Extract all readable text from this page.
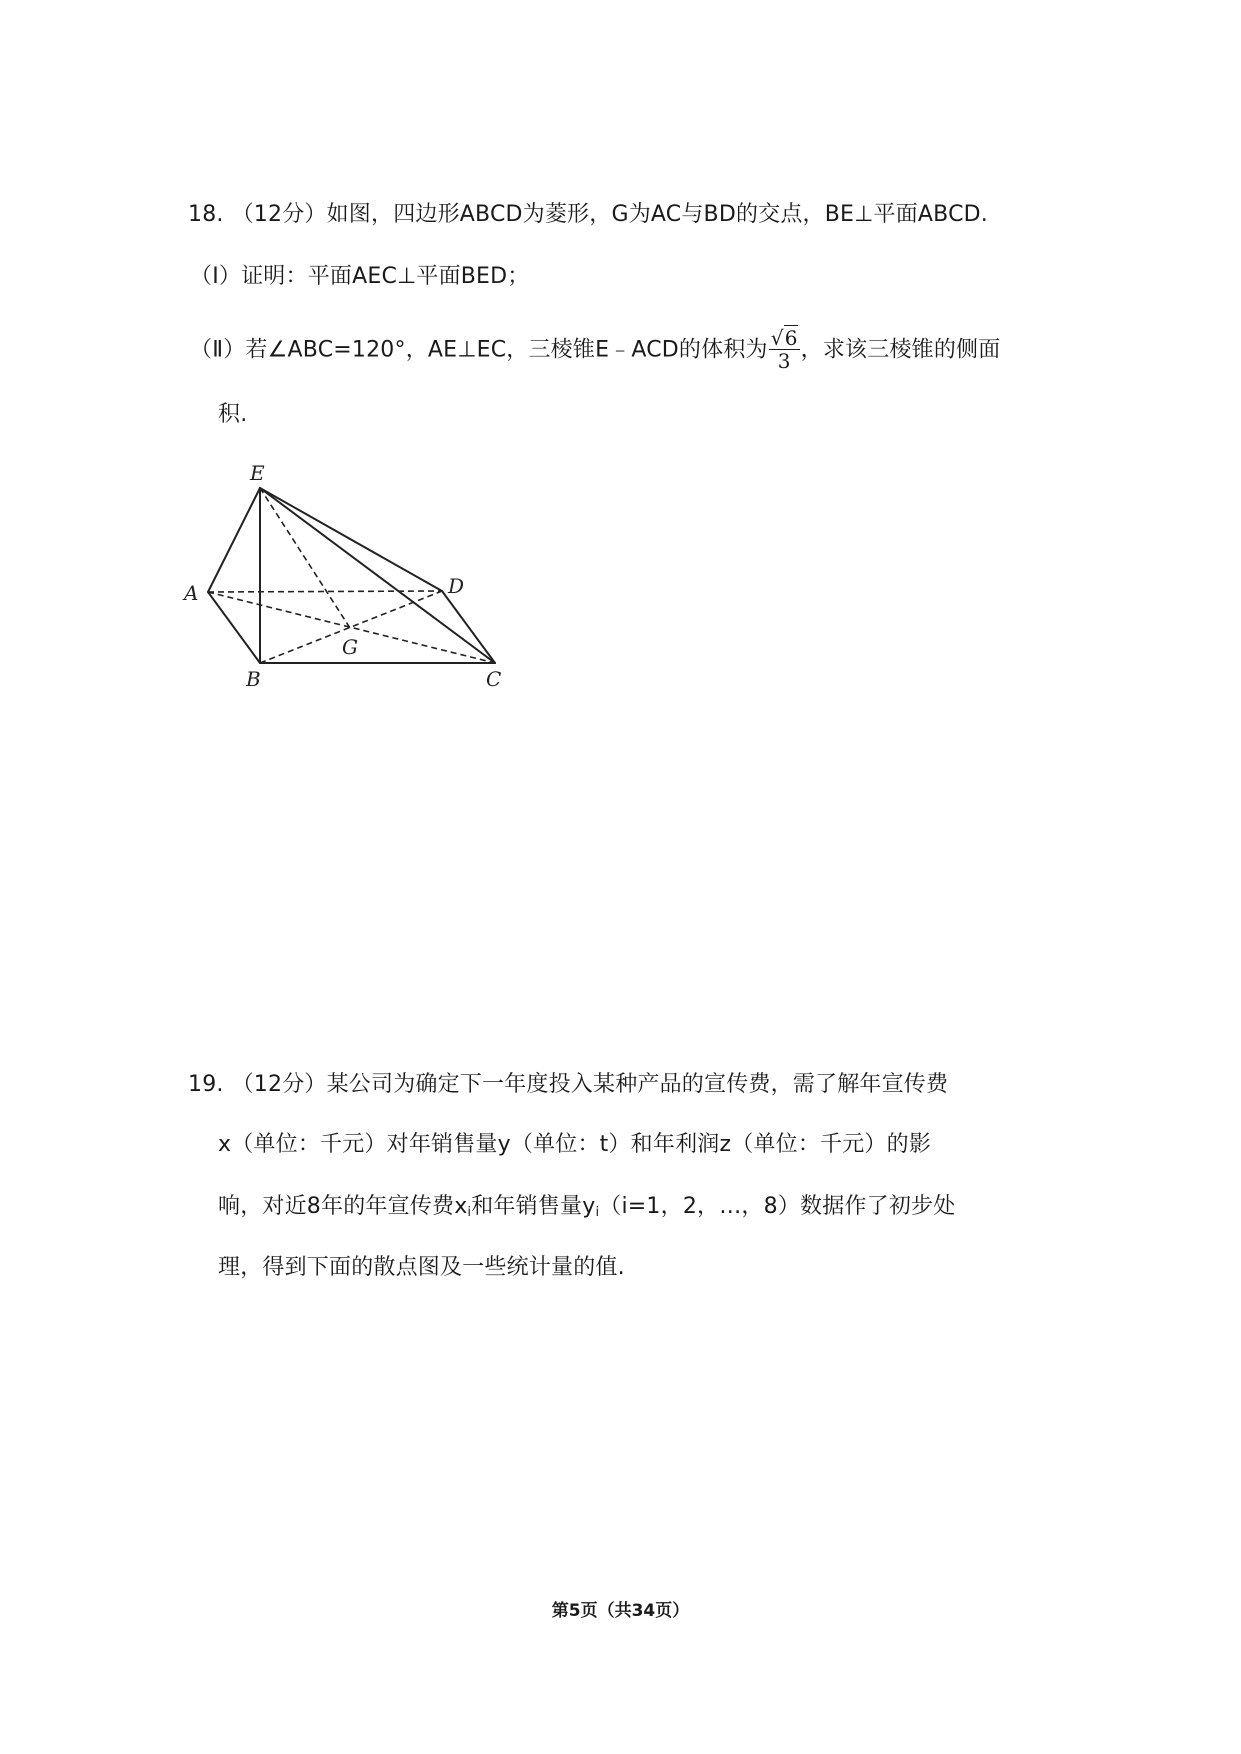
18. （12分）如图，四边形ABCD为菱形，G为AC与BD的交点，BE⊥平面ABCD.
（Ⅰ）证明：平面AEC⊥平面BED；
（Ⅱ）若∠ABC=120°，AE⊥EC，三棱锥E﹣ACD的体积为 $\frac{√6}{3}$ ，求该三棱锥的侧面
积.
E
A	D
G
B	C
19. （12分）某公司为确定下一年度投入某种产品的宣传费，需了解年宣传费
x（单位：千元）对年销售量y（单位：t）和年利润z（单位：千元）的影
响，对近8年的年宣传费$x_i$和年销售量$y_i(i=1$，2，…，8）数据作了初步处
理，得到下面的散点图及一些统计量的值.
第5页（共34页）
